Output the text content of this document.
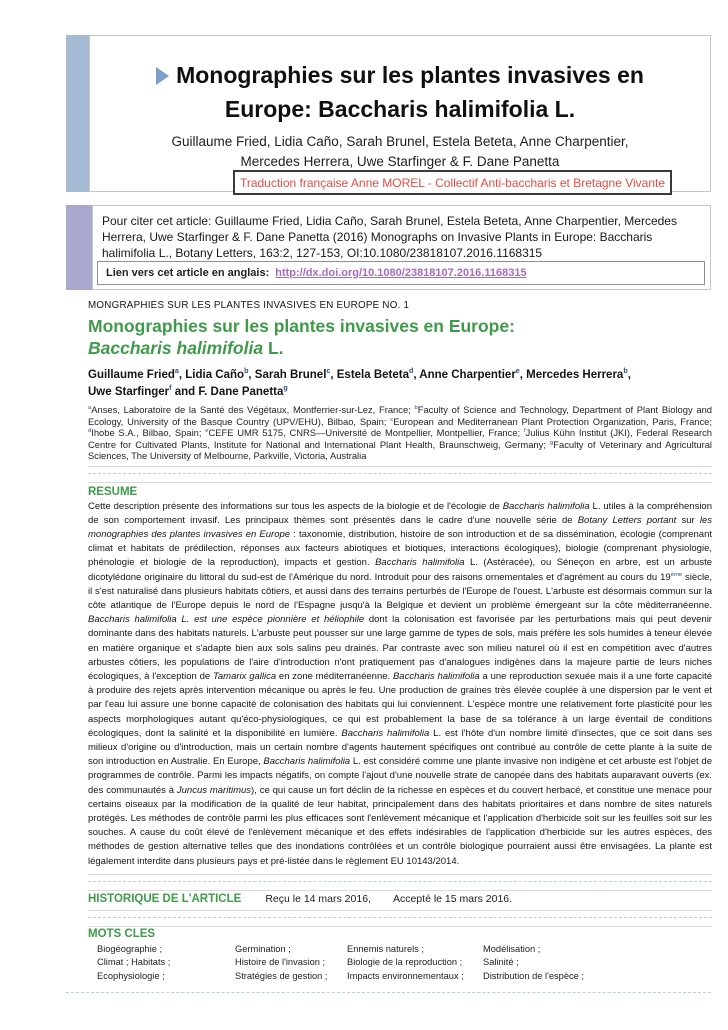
Monographies sur les plantes invasives en
Europe: Baccharis halimifolia L.
Guillaume Fried, Lidia Caño, Sarah Brunel, Estela Beteta, Anne Charpentier,
Mercedes Herrera, Uwe Starfinger & F. Dane Panetta
Traduction française Anne MOREL - Collectif Anti-baccharis et Bretagne Vivante
Pour citer cet article: Guillaume Fried, Lidia Caño, Sarah Brunel, Estela Beteta, Anne Charpentier, Mercedes Herrera, Uwe Starfinger & F. Dane Panetta (2016) Monographs on Invasive Plants in Europe: Baccharis halimifolia L., Botany Letters, 163:2, 127-153, OI:10.1080/23818107.2016.1168315
Lien vers cet article en anglais: http://dx.doi.org/10.1080/23818107.2016.1168315
MONGRAPHIES SUR LES PLANTES INVASIVES EN EUROPE NO. 1
Monographies sur les plantes invasives en Europe:
Baccharis halimifolia L.
Guillaume Fried$^a$, Lidia Caño$^b$, Sarah Brunel$^c$, Estela Beteta$^d$, Anne Charpentier$^e$, Mercedes Herrera$^b$,
Uwe Starfinger$^f$ and F. Dane Panetta$^g$
$^a$Anses, Laboratoire de la Santé des Végétaux, Montferrier-sur-Lez, France; $^b$Faculty of Science and Technology, Department of Plant Biology and Ecology, University of the Basque Country (UPV/EHU), Bilbao, Spain; $^c$European and Mediterranean Plant Protection Organization, Paris, France; $^d$Ihobe S.A., Bilbao, Spain; $^e$CEFE UMR 5175, CNRS—Université de Montpellier, Montpellier, France; $^f$Julius Kühn Institut (JKI), Federal Research Centre for Cultivated Plants, Institute for National and International Plant Health, Braunschweig, Germany; $^g$Faculty of Veterinary and Agricultural Sciences, The University of Melbourne, Parkville, Victoria, Australia
RESUME
Cette description présente des informations sur tous les aspects de la biologie et de l'écologie de Baccharis halimifolia L. utiles à la compréhension de son comportement invasif. Les principaux thèmes sont présentés dans le cadre d'une nouvelle série de Botany Letters portant sur les monographies des plantes invasives en Europe : taxonomie, distribution, histoire de son introduction et de sa dissémination, écologie (comprenant climat et habitats de prédilection, réponses aux facteurs abiotiques et biotiques, interactions écologiques), biologie (comprenant physiologie, phénologie et biologie de la reproduction), impacts et gestion. Baccharis halimifolia L. (Astéracée), ou Séneçon en arbre, est un arbuste dicotylédone originaire du littoral du sud-est de l'Amérique du nord. Introduit pour des raisons ornementales et d'agrément au cours du 19ème siècle, il s'est naturalisé dans plusieurs habitats côtiers, et aussi dans des terrains perturbés de l'Europe de l'ouest. L'arbuste est désormais commun sur la côte atlantique de l'Europe depuis le nord de l'Espagne jusqu'à la Belgique et devient un problème émergeant sur la côte méditerranéenne. Baccharis halimifolia L. est une espèce pionnière et héliophile dont la colonisation est favorisée par les perturbations mais qui peut devenir dominante dans des habitats naturels. L'arbuste peut pousser sur une large gamme de types de sols, mais préfère les sols humides à teneur élevée en matière organique et s'adapte bien aux sols salins peu drainés. Par contraste avec son milieu naturel où il est en compétition avec d'autres arbustes côtiers, les populations de l'aire d'introduction n'ont pratiquement pas d'analogues indigènes dans la majeure partie de leurs niches écologiques, à l'exception de Tamarix gallica en zone méditerranéenne. Baccharis halimifolia a une reproduction sexuée mais il a une forte capacité à produire des rejets après intervention mécanique ou après le feu. Une production de graines très élevée couplée à une dispersion par le vent et par l'eau lui assure une bonne capacité de colonisation des habitats qui lui conviennent. L'espèce montre une relativement forte plasticité pour les aspects morphologiques autant qu'éco-physiologiques, ce qui est probablement la base de sa tolérance à un large éventail de conditions écologiques, dont la salinité et la disponibilité en lumière. Baccharis halimifolia L. est l'hôte d'un nombre limité d'insectes, que ce soit dans ses milieux d'origine ou d'introduction, mais un certain nombre d'agents hautement spécifiques ont contribué au contrôle de cette plante à la suite de son introduction en Australie. En Europe, Baccharis halimifolia L. est considéré comme une plante invasive non indigène et cet arbuste est l'objet de programmes de contrôle. Parmi les impacts négatifs, on compte l'ajout d'une nouvelle strate de canopée dans des habitats auparavant ouverts (ex. des communautés à Juncus maritimus), ce qui cause un fort déclin de la richesse en espèces et du couvert herbacé, et constitue une menace pour certains oiseaux par la modification de la qualité de leur habitat, principalement dans des habitats prioritaires et dans nombre de sites naturels protégés. Les méthodes de contrôle parmi les plus efficaces sont l'enlèvement mécanique et l'application d'herbicide soit sur les feuilles soit sur les souches. A cause du coût élevé de l'enlèvement mécanique et des effets indésirables de l'application d'herbicide sur les autres espèces, des méthodes de gestion alternative telles que des inondations contrôlées et un contrôle biologique pourraient aussi être envisagées. La plante est légalement interdite dans plusieurs pays et pré-listée dans le règlement EU 10143/2014.
HISTORIQUE DE L'ARTICLE Reçu le 14 mars 2016, Accepté le 15 mars 2016.
MOTS CLES
Biogéographie ;
Climat ; Habitats ;
Ecophysiologie ;
Germination ;
Histoire de l'invasion ;
Stratégies de gestion ;
Ennemis naturels ;
Biologie de la reproduction ;
Impacts environnementaux ;
Modélisation ;
Salinité ;
Distribution de l'espèce ;
